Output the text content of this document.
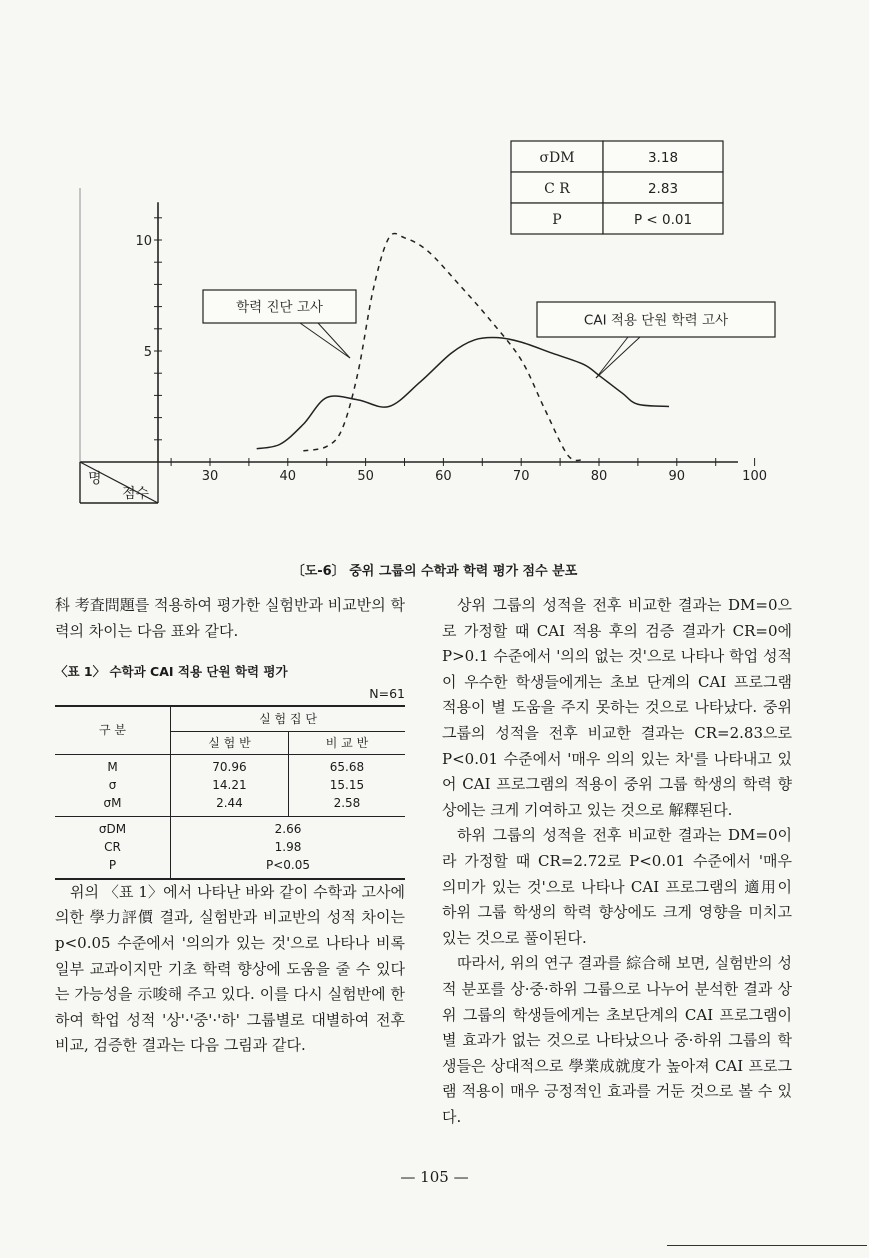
30	40	50	60	70	80	90	100
5
10
명
점수
학력 진단 고사
CAI 적용 단원 학력 고사
σDM	3.18
C R	2.83
P	P < 0.01
〔도-6〕 중위 그룹의 수학과 학력 평가 점수 분포

科 考査問題를 적용하여 평가한 실험반과 비교반의 학력의 차이는 다음 표와 같다.

〈표 1〉 수학과 CAI 적용 단원 학력 평가
N=61
구 분	실 험 집 단	
	실 험 반	비 교 반
M	70.96	65.68
σ	14.21	15.15
σM	2.44	2.58
σDM	2.66	
CR	1.98	
P	P<0.05	

위의 〈표 1〉에서 나타난 바와 같이 수학과 고사에 의한 學力評價 결과, 실험반과 비교반의 성적 차이는 p<0.05 수준에서 '의의가 있는 것'으로 나타나 비록 일부 교과이지만 기초 학력 향상에 도움을 줄 수 있다는 가능성을 示唆해 주고 있다. 이를 다시 실험반에 한하여 학업 성적 '상'·'중'·'하' 그룹별로 대별하여 전후 비교, 검증한 결과는 다음 그림과 같다.

상위 그룹의 성적을 전후 비교한 결과는 DM=0으로 가정할 때 CAI 적용 후의 검증 결과가 CR=0에 P>0.1 수준에서 '의의 없는 것'으로 나타나 학업 성적이 우수한 학생들에게는 초보 단계의 CAI 프로그램 적용이 별 도움을 주지 못하는 것으로 나타났다. 중위 그룹의 성적을 전후 비교한 결과는 CR=2.83으로 P<0.01 수준에서 '매우 의의 있는 차'를 나타내고 있어 CAI 프로그램의 적용이 중위 그룹 학생의 학력 향상에는 크게 기여하고 있는 것으로 解釋된다.

하위 그룹의 성적을 전후 비교한 결과는 DM=0이라 가정할 때 CR=2.72로 P<0.01 수준에서 '매우 의미가 있는 것'으로 나타나 CAI 프로그램의 適用이 하위 그룹 학생의 학력 향상에도 크게 영향을 미치고 있는 것으로 풀이된다.

따라서, 위의 연구 결과를 綜合해 보면, 실험반의 성적 분포를 상·중·하위 그룹으로 나누어 분석한 결과 상위 그룹의 학생들에게는 초보단계의 CAI 프로그램이 별 효과가 없는 것으로 나타났으나 중·하위 그룹의 학생들은 상대적으로 學業成就度가 높아져 CAI 프로그램 적용이 매우 긍정적인 효과를 거둔 것으로 볼 수 있다.

— 105 —
